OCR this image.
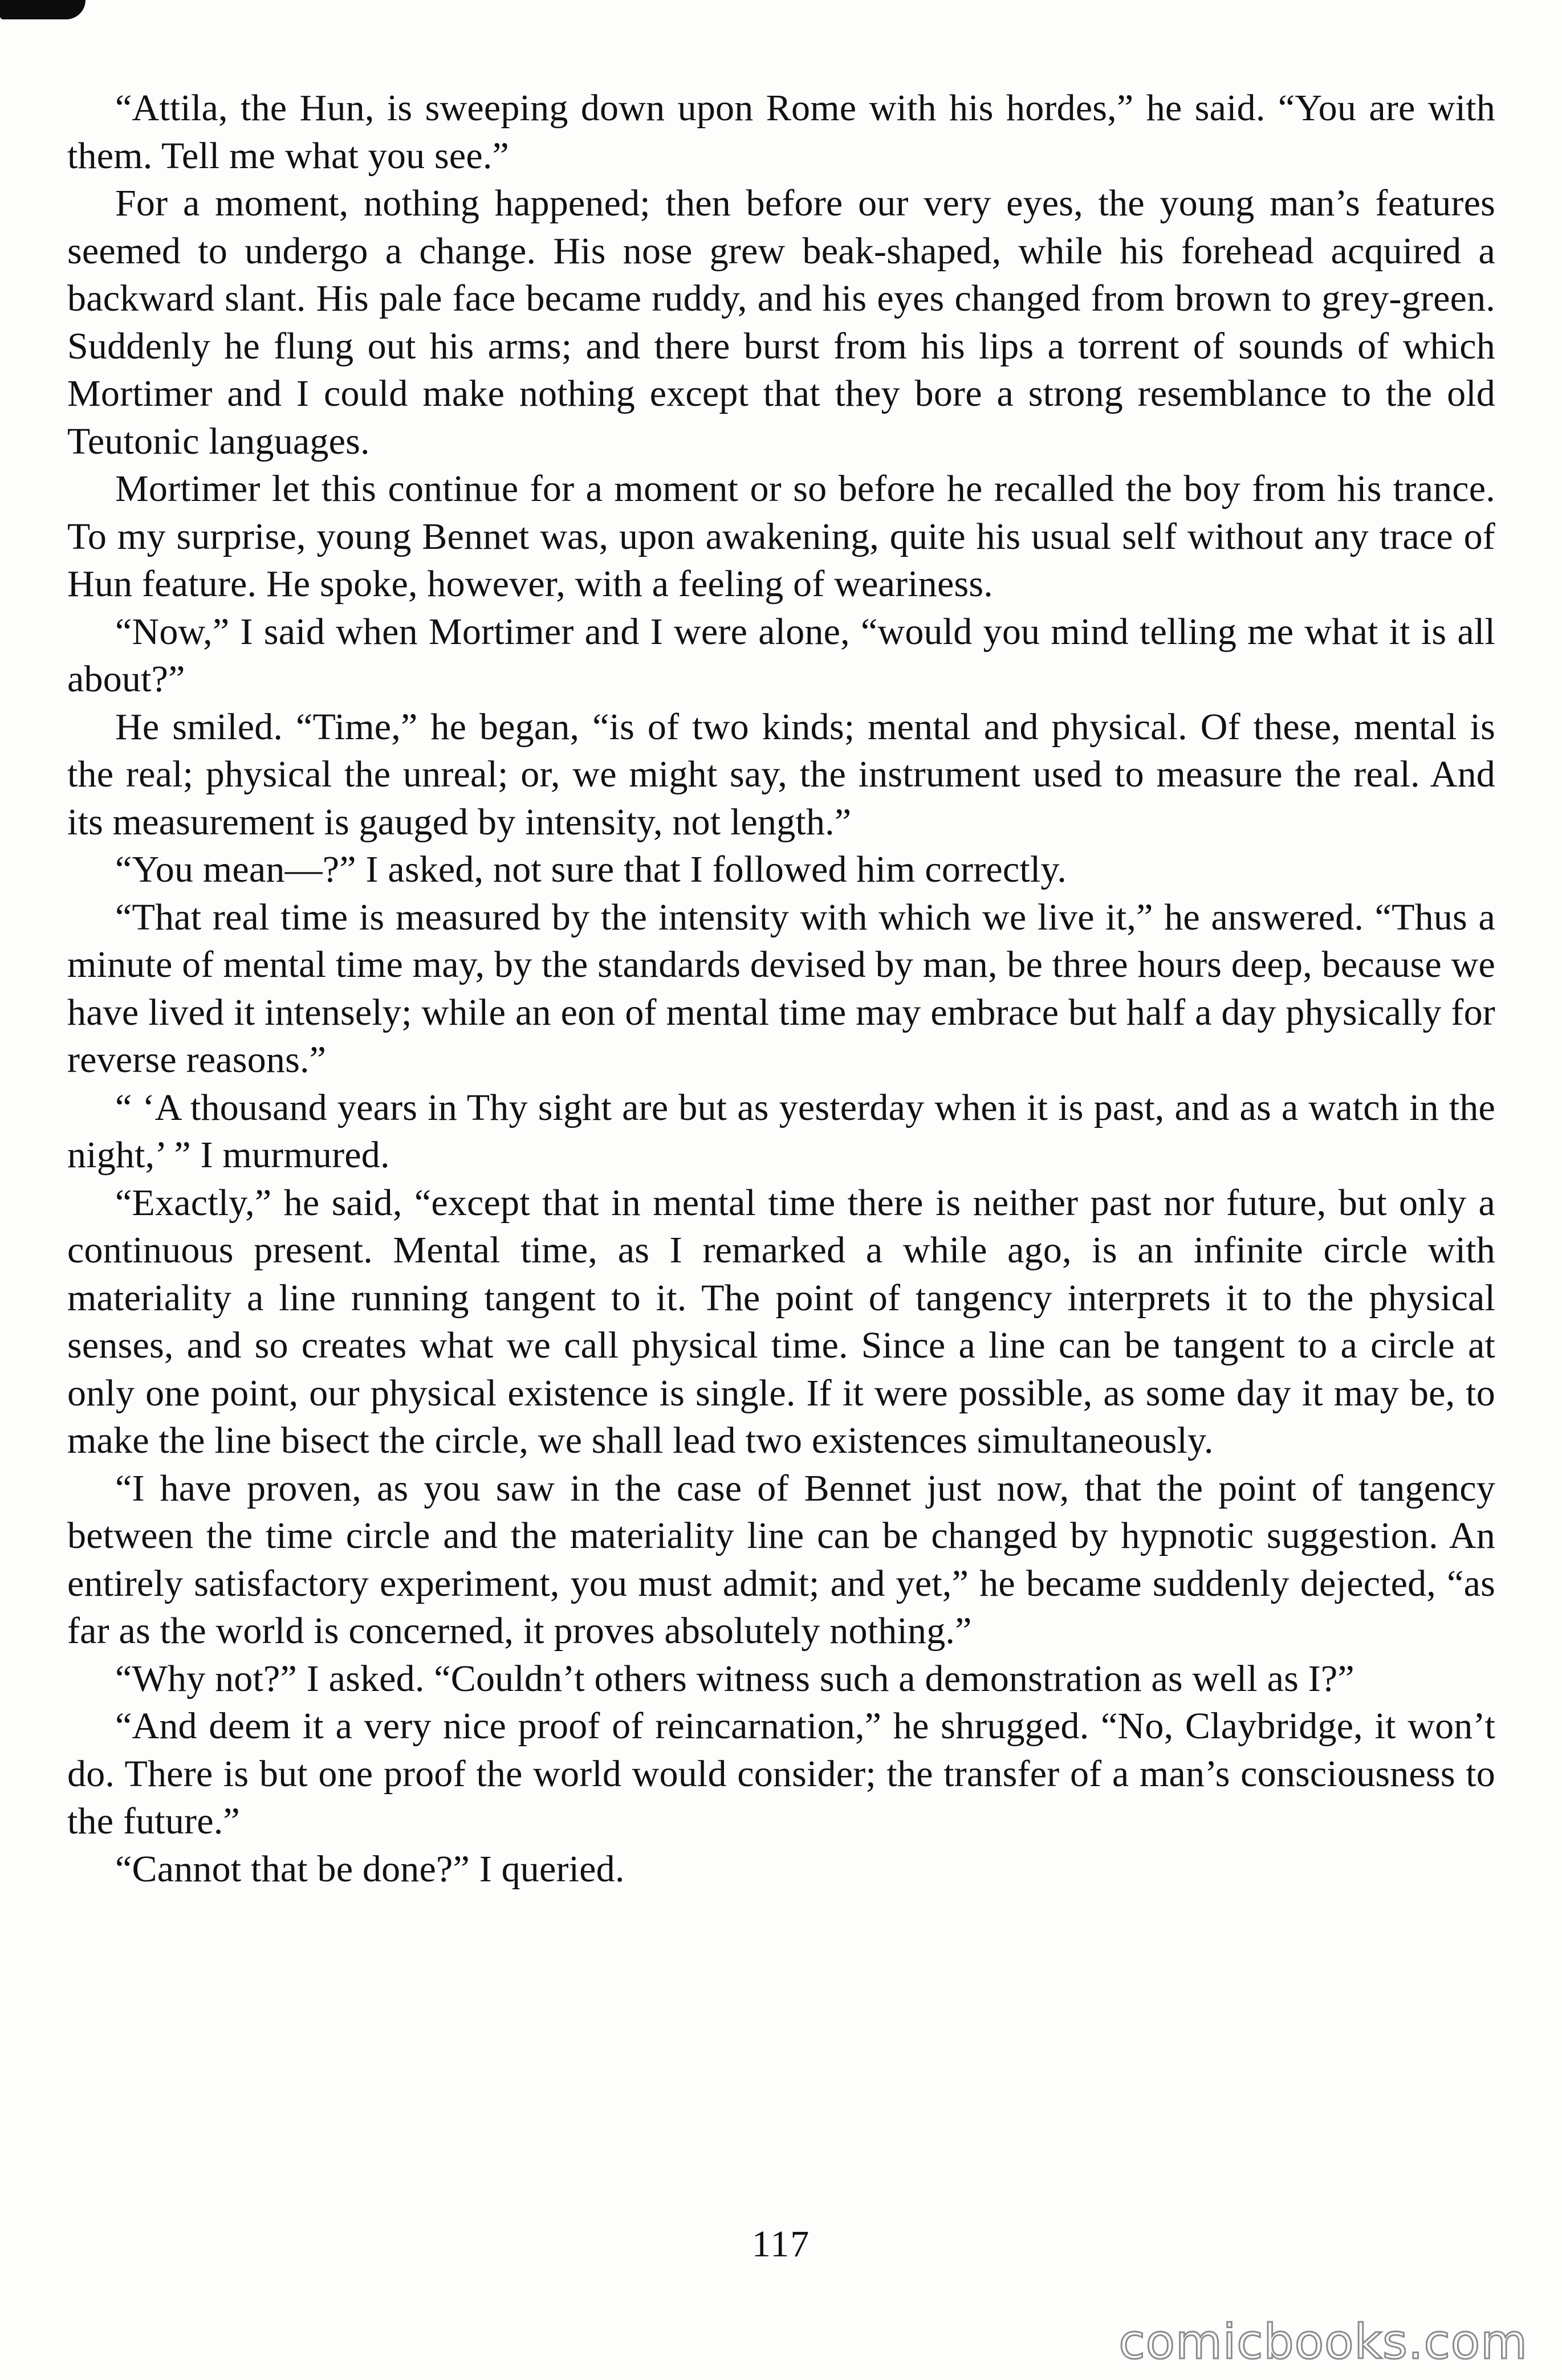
“Attila, the Hun, is sweeping down upon Rome with his hordes,” he said. “You are with them. Tell me what you see.”

For a moment, nothing happened; then before our very eyes, the young man’s features seemed to undergo a change. His nose grew beak-shaped, while his forehead acquired a backward slant. His pale face became ruddy, and his eyes changed from brown to grey-green. Suddenly he flung out his arms; and there burst from his lips a torrent of sounds of which Mortimer and I could make nothing except that they bore a strong resemblance to the old Teutonic languages.

Mortimer let this continue for a moment or so before he recalled the boy from his trance. To my surprise, young Bennet was, upon awakening, quite his usual self without any trace of Hun feature. He spoke, however, with a feeling of weariness.

“Now,” I said when Mortimer and I were alone, “would you mind telling me what it is all about?”

He smiled. “Time,” he began, “is of two kinds; mental and physical. Of these, mental is the real; physical the unreal; or, we might say, the instrument used to measure the real. And its measurement is gauged by intensity, not length.”

“You mean—?” I asked, not sure that I followed him correctly.

“That real time is measured by the intensity with which we live it,” he answered. “Thus a minute of mental time may, by the standards devised by man, be three hours deep, because we have lived it intensely; while an eon of mental time may embrace but half a day physically for reverse reasons.”

“ ‘A thousand years in Thy sight are but as yesterday when it is past, and as a watch in the night,’ ” I murmured.

“Exactly,” he said, “except that in mental time there is neither past nor future, but only a continuous present. Mental time, as I remarked a while ago, is an infinite circle with materiality a line running tangent to it. The point of tangency interprets it to the physical senses, and so creates what we call physical time. Since a line can be tangent to a circle at only one point, our physical existence is single. If it were possible, as some day it may be, to make the line bisect the circle, we shall lead two existences simultaneously.

“I have proven, as you saw in the case of Bennet just now, that the point of tangency between the time circle and the materiality line can be changed by hypnotic suggestion. An entirely satisfactory experiment, you must admit; and yet,” he became suddenly dejected, “as far as the world is concerned, it proves absolutely nothing.”

“Why not?” I asked. “Couldn’t others witness such a demonstration as well as I?”

“And deem it a very nice proof of reincarnation,” he shrugged. “No, Claybridge, it won’t do. There is but one proof the world would consider; the transfer of a man’s consciousness to the future.”

“Cannot that be done?” I queried.

117
comicbooks.com
